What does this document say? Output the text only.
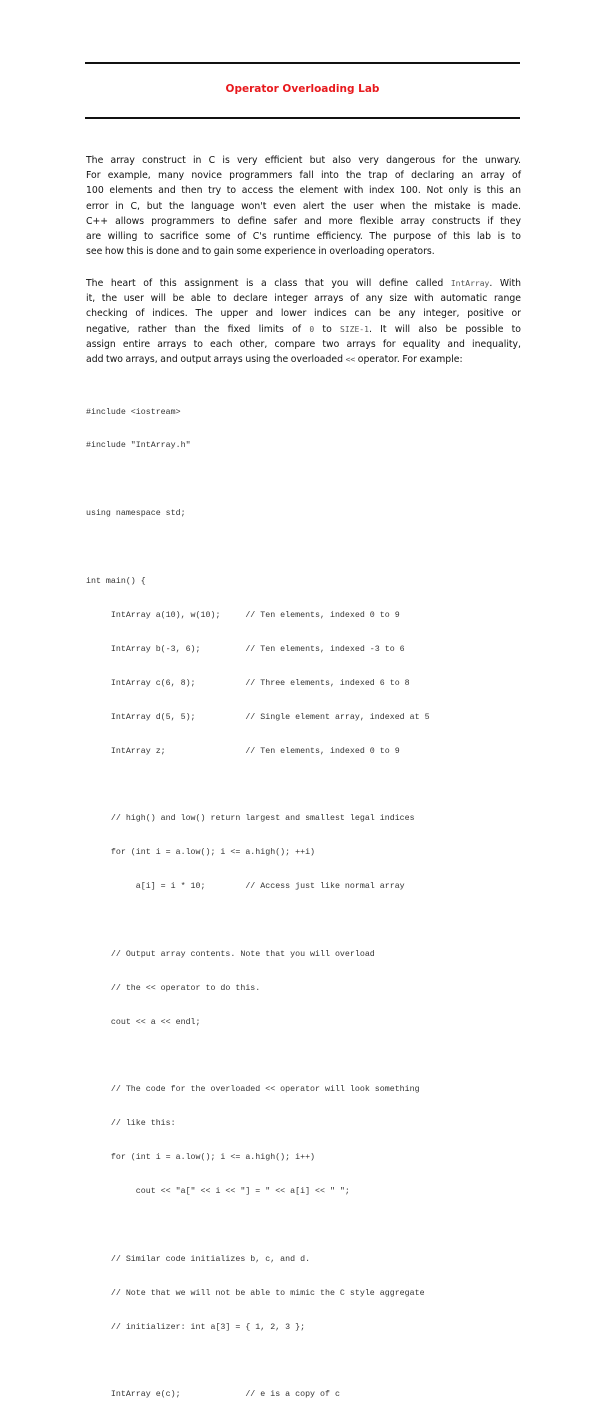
Operator Overloading Lab
The array construct in C is very efficient but also very dangerous for the unwary.
For example, many novice programmers fall into the trap of declaring an array of
100 elements and then try to access the element with index 100. Not only is this an
error in C, but the language won't even alert the user when the mistake is made.
C++ allows programmers to define safer and more flexible array constructs if they
are willing to sacrifice some of C's runtime efficiency. The purpose of this lab is to
see how this is done and to gain some experience in overloading operators.
The heart of this assignment is a class that you will define called IntArray. With
it, the user will be able to declare integer arrays of any size with automatic range
checking of indices. The upper and lower indices can be any integer, positive or
negative, rather than the fixed limits of 0 to SIZE-1. It will also be possible to
assign entire arrays to each other, compare two arrays for equality and inequality,
add two arrays, and output arrays using the overloaded << operator. For example:

#include <iostream>

#include "IntArray.h"

using namespace std;

int main() {

IntArray a(10), w(10);     // Ten elements, indexed 0 to 9

IntArray b(-3, 6);         // Ten elements, indexed -3 to 6

IntArray c(6, 8);          // Three elements, indexed 6 to 8

IntArray d(5, 5);          // Single element array, indexed at 5

IntArray z;                // Ten elements, indexed 0 to 9

// high() and low() return largest and smallest legal indices

for (int i = a.low(); i <= a.high(); ++i)

a[i] = i * 10;        // Access just like normal array

// Output array contents. Note that you will overload

// the << operator to do this.

cout << a << endl;

// The code for the overloaded << operator will look something

// like this:

for (int i = a.low(); i <= a.high(); i++)

cout << "a[" << i << "] = " << a[i] << " ";

// Similar code initializes b, c, and d.

// Note that we will not be able to mimic the C style aggregate

// initializer: int a[3] = { 1, 2, 3 };

IntArray e(c);             // e is a copy of c
